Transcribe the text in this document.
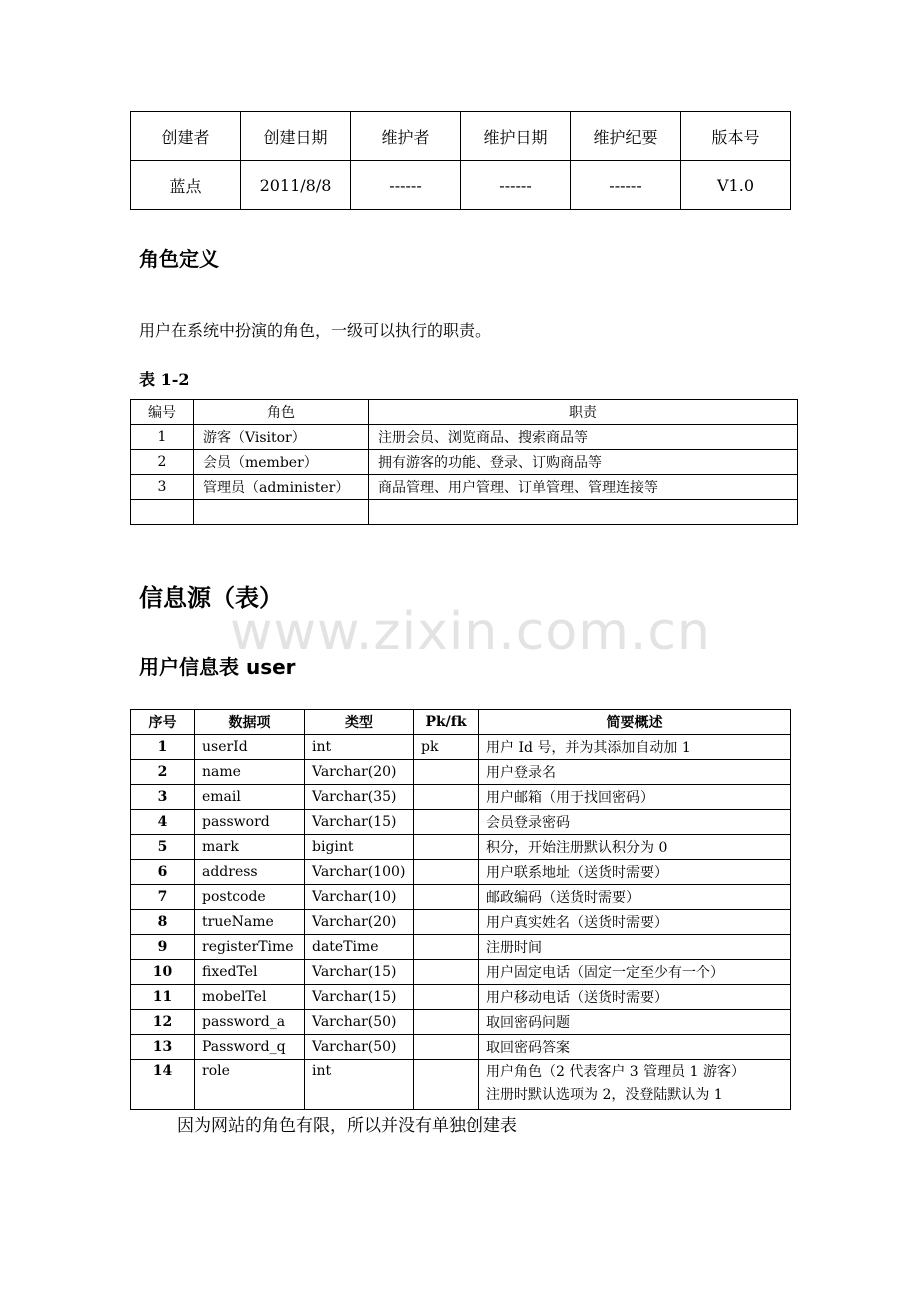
创建者	创建日期	维护者	维护日期	维护纪要	版本号
蓝点	2011/8/8	------	------	------	V1.0
角色定义
用户在系统中扮演的角色，一级可以执行的职责。
表 1-2
编号	角色	职责
1	游客（Visitor）	注册会员、浏览商品、搜索商品等
2	会员（member）	拥有游客的功能、登录、订购商品等
3	管理员（administer）	商品管理、用户管理、订单管理、管理连接等

信息源（表）
www.zixin.com.cn
用户信息表 user
序号	数据项	类型	Pk/fk	简要概述
1	userId	int	pk	用户 Id 号，并为其添加自动加 1
2	name	Varchar(20)		用户登录名
3	email	Varchar(35)		用户邮箱（用于找回密码）
4	password	Varchar(15)		会员登录密码
5	mark	bigint		积分，开始注册默认积分为 0
6	address	Varchar(100)		用户联系地址（送货时需要）
7	postcode	Varchar(10)		邮政编码（送货时需要）
8	trueName	Varchar(20)		用户真实姓名（送货时需要）
9	registerTime	dateTime		注册时间
10	fixedTel	Varchar(15)		用户固定电话（固定一定至少有一个）
11	mobelTel	Varchar(15)		用户移动电话（送货时需要）
12	password_a	Varchar(50)		取回密码问题
13	Password_q	Varchar(50)		取回密码答案
14	role	int		用户角色（2 代表客户 3 管理员 1 游客）
注册时默认选项为 2，没登陆默认为 1
因为网站的角色有限，所以并没有单独创建表
